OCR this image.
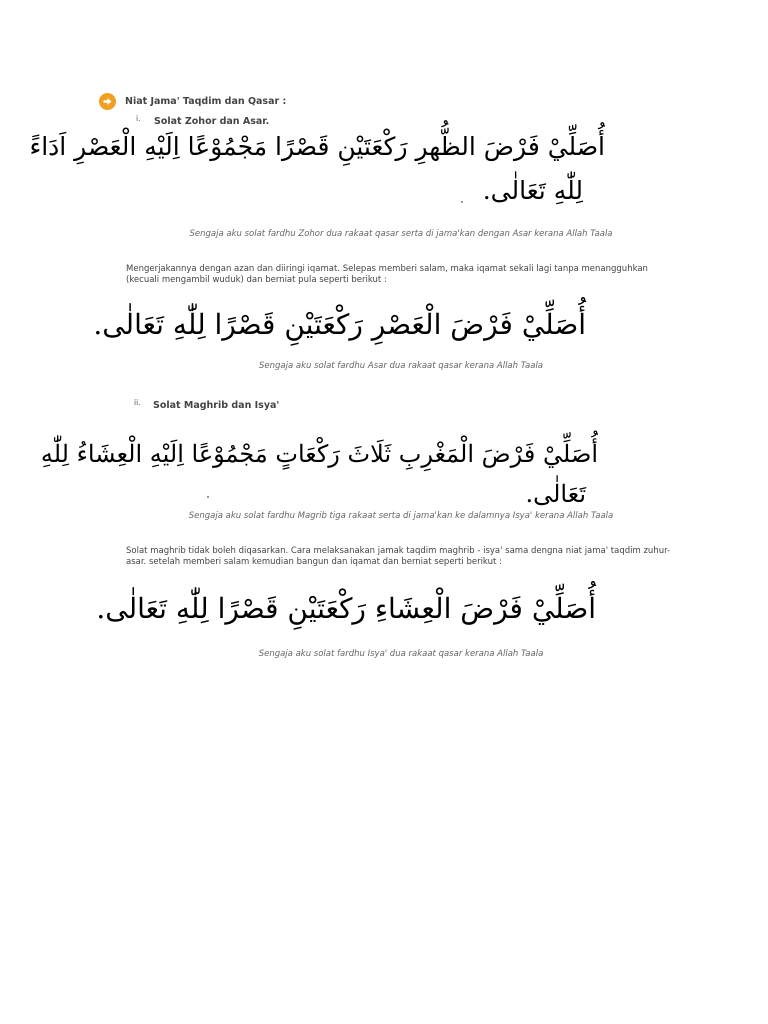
Niat Jama' Taqdim dan Qasar :
i. Solat Zohor dan Asar.
أُصَلِّيْ فَرْضَ الظُّهرِ رَكْعَتَيْنِ قَصْرًا مَجْمُوْعًا اِلَيْهِ الْعَصْرِ اَدَاءً
لِلّٰهِ تَعَالٰى.
Sengaja aku solat fardhu Zohor dua rakaat qasar serta di jama'kan dengan Asar kerana Allah Taala
Mengerjakannya dengan azan dan diiringi iqamat. Selepas memberi salam, maka iqamat sekali lagi tanpa menangguhkan (kecuali mengambil wuduk) dan berniat pula seperti berikut :
أُصَلِّيْ فَرْضَ الْعَصْرِ رَكْعَتَيْنِ قَصْرًا لِلّٰهِ تَعَالٰى.
Sengaja aku solat fardhu Asar dua rakaat qasar kerana Allah Taala
ii. Solat Maghrib dan Isya'
أُصَلِّيْ فَرْضَ الْمَغْرِبِ ثَلَاثَ رَكْعَاتٍ مَجْمُوْعًا اِلَيْهِ الْعِشَاءُ لِلّٰهِ
تَعَالٰى.
Sengaja aku solat fardhu Magrib tiga rakaat serta di jama'kan ke dalamnya Isya' kerana Allah Taala
Solat maghrib tidak boleh diqasarkan. Cara melaksanakan jamak taqdim maghrib - isya' sama dengna niat jama' taqdim zuhur-asar. setelah memberi salam kemudian bangun dan iqamat dan berniat seperti berikut :
أُصَلِّيْ فَرْضَ الْعِشَاءِ رَكْعَتَيْنِ قَصْرًا لِلّٰهِ تَعَالٰى.
Sengaja aku solat fardhu Isya' dua rakaat qasar kerana Allah Taala
